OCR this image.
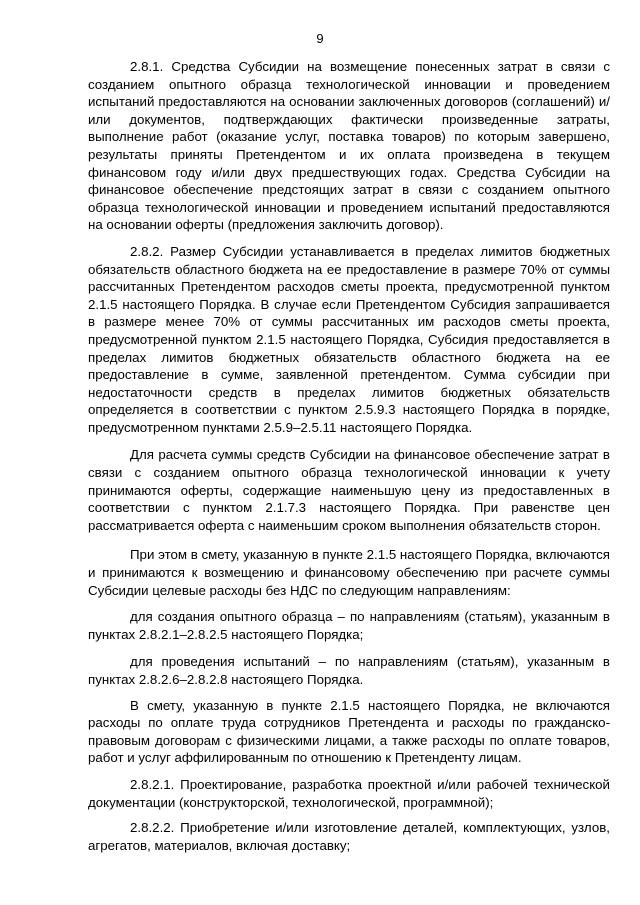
9

2.8.1. Средства Субсидии на возмещение понесенных затрат в связи с созданием опытного образца технологической инновации и проведением испытаний предоставляются на основании заключенных договоров (соглашений) и/или документов, подтверждающих фактически произведенные затраты, выполнение работ (оказание услуг, поставка товаров) по которым завершено, результаты приняты Претендентом и их оплата произведена в текущем финансовом году и/или двух предшествующих годах. Средства Субсидии на финансовое обеспечение предстоящих затрат в связи с созданием опытного образца технологической инновации и проведением испытаний предоставляются на основании оферты (предложения заключить договор).

2.8.2. Размер Субсидии устанавливается в пределах лимитов бюджетных обязательств областного бюджета на ее предоставление в размере 70% от суммы рассчитанных Претендентом расходов сметы проекта, предусмотренной пунктом 2.1.5 настоящего Порядка. В случае если Претендентом Субсидия запрашивается в размере менее 70% от суммы рассчитанных им расходов сметы проекта, предусмотренной пунктом 2.1.5 настоящего Порядка, Субсидия предоставляется в пределах лимитов бюджетных обязательств областного бюджета на ее предоставление в сумме, заявленной претендентом. Сумма субсидии при недостаточности средств в пределах лимитов бюджетных обязательств определяется в соответствии с пунктом 2.5.9.3 настоящего Порядка в порядке, предусмотренном пунктами 2.5.9–2.5.11 настоящего Порядка.

Для расчета суммы средств Субсидии на финансовое обеспечение затрат в связи с созданием опытного образца технологической инновации к учету принимаются оферты, содержащие наименьшую цену из предоставленных в соответствии с пунктом 2.1.7.3 настоящего Порядка. При равенстве цен рассматривается оферта с наименьшим сроком выполнения обязательств сторон.

При этом в смету, указанную в пункте 2.1.5 настоящего Порядка, включаются и принимаются к возмещению и финансовому обеспечению при расчете суммы Субсидии целевые расходы без НДС по следующим направлениям:

для создания опытного образца – по направлениям (статьям), указанным в пунктах 2.8.2.1–2.8.2.5 настоящего Порядка;

для проведения испытаний – по направлениям (статьям), указанным в пунктах 2.8.2.6–2.8.2.8 настоящего Порядка.

В смету, указанную в пункте 2.1.5 настоящего Порядка, не включаются расходы по оплате труда сотрудников Претендента и расходы по гражданско-правовым договорам с физическими лицами, а также расходы по оплате товаров, работ и услуг аффилированным по отношению к Претенденту лицам.

2.8.2.1. Проектирование, разработка проектной и/или рабочей технической документации (конструкторской, технологической, программной);

2.8.2.2. Приобретение и/или изготовление деталей, комплектующих, узлов, агрегатов, материалов, включая доставку;
